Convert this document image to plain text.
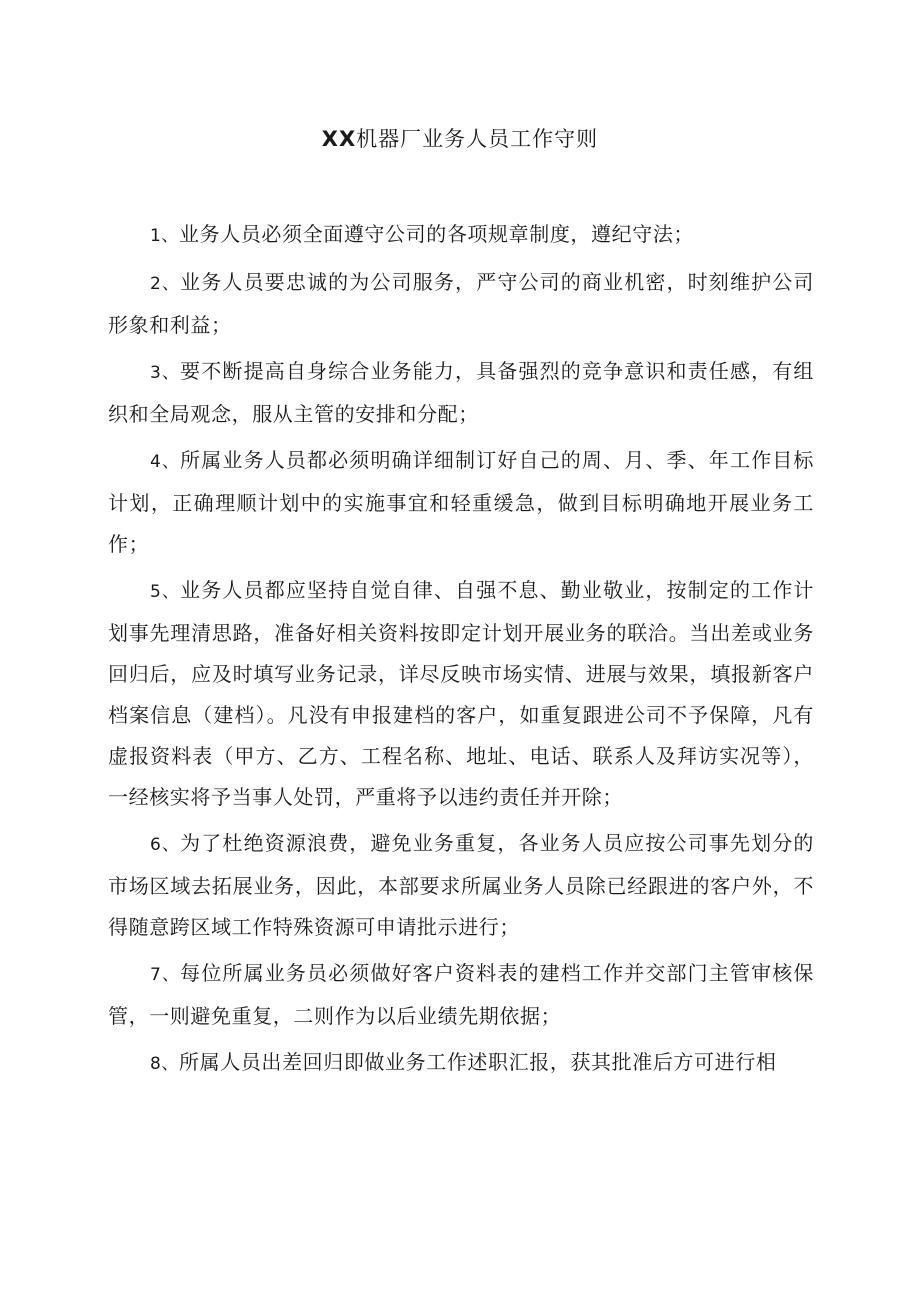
XX机器厂业务人员工作守则

1、业务人员必须全面遵守公司的各项规章制度，遵纪守法；

2、业务人员要忠诚的为公司服务，严守公司的商业机密，时刻维护公司形象和利益；

3、要不断提高自身综合业务能力，具备强烈的竞争意识和责任感，有组织和全局观念，服从主管的安排和分配；

4、所属业务人员都必须明确详细制订好自己的周、月、季、年工作目标计划，正确理顺计划中的实施事宜和轻重缓急，做到目标明确地开展业务工作；

5、业务人员都应坚持自觉自律、自强不息、勤业敬业，按制定的工作计划事先理清思路，准备好相关资料按即定计划开展业务的联洽。当出差或业务回归后，应及时填写业务记录，详尽反映市场实情、进展与效果，填报新客户档案信息（建档）。凡没有申报建档的客户，如重复跟进公司不予保障，凡有虚报资料表（甲方、乙方、工程名称、地址、电话、联系人及拜访实况等），一经核实将予当事人处罚，严重将予以违约责任并开除；

6、为了杜绝资源浪费，避免业务重复，各业务人员应按公司事先划分的市场区域去拓展业务，因此，本部要求所属业务人员除已经跟进的客户外，不得随意跨区域工作特殊资源可申请批示进行；

7、每位所属业务员必须做好客户资料表的建档工作并交部门主管审核保管，一则避免重复，二则作为以后业绩先期依据；

8、所属人员出差回归即做业务工作述职汇报，获其批准后方可进行相
